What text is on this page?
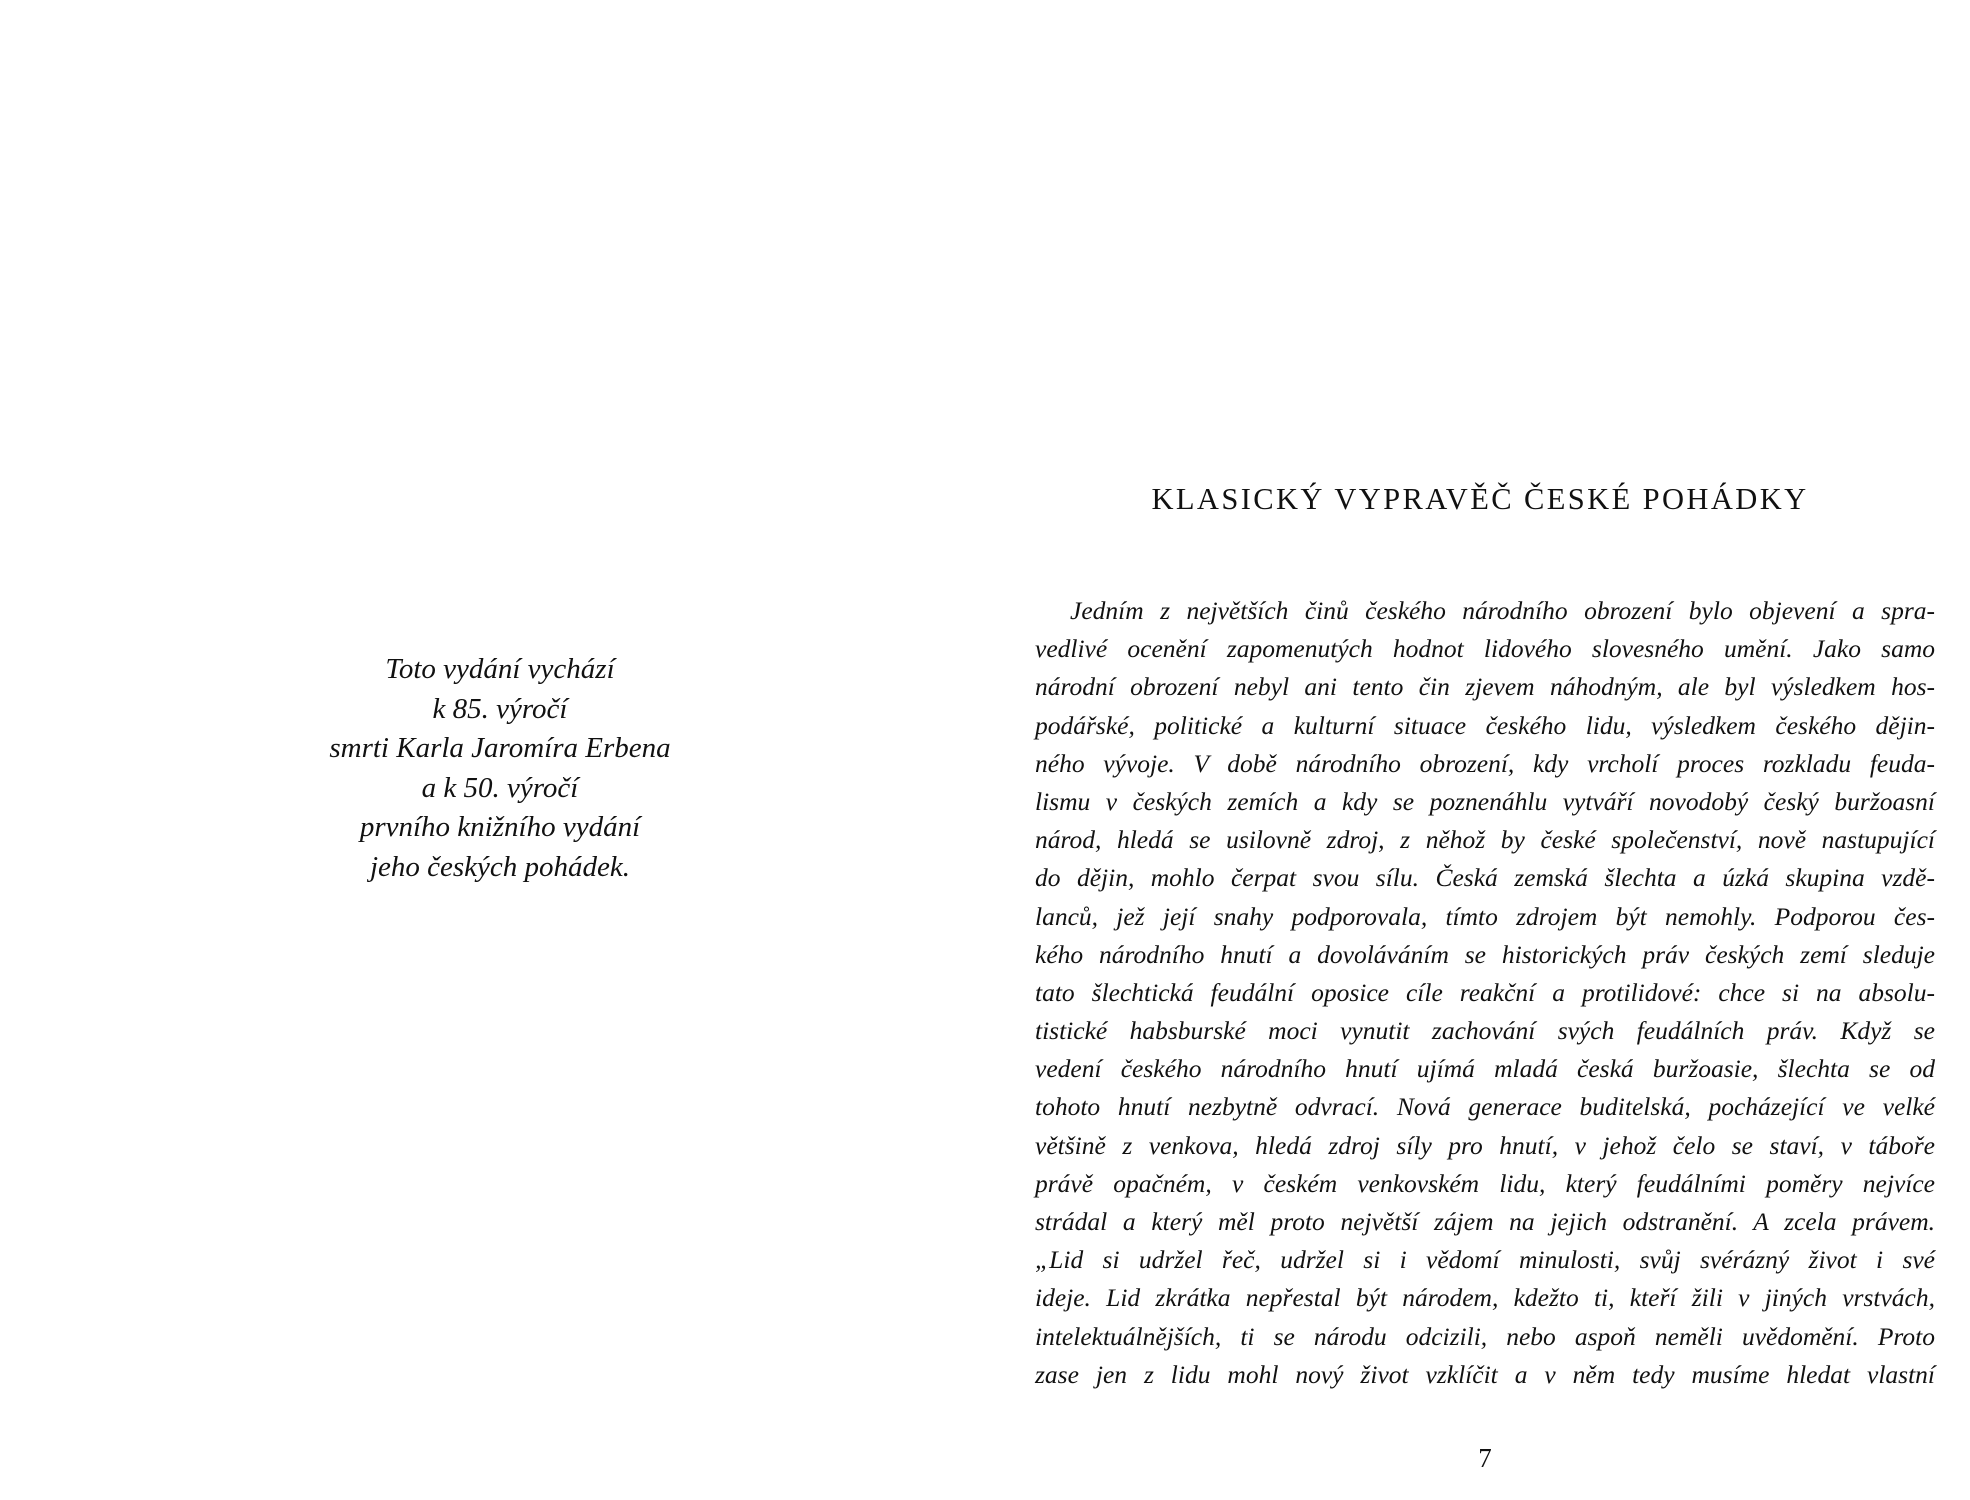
Toto vydání vychází
k 85. výročí
smrti Karla Jaromíra Erbena
a k 50. výročí
prvního knižního vydání
jeho českých pohádek.
KLASICKÝ VYPRAVĚČ ČESKÉ POHÁDKY
Jedním z největších činů českého národního obrození bylo objevení a spra-
vedlivé ocenění zapomenutých hodnot lidového slovesného umění. Jako samo
národní obrození nebyl ani tento čin zjevem náhodným, ale byl výsledkem hos-
podářské, politické a kulturní situace českého lidu, výsledkem českého dějin-
ného vývoje. V době národního obrození, kdy vrcholí proces rozkladu feuda-
lismu v českých zemích a kdy se poznenáhlu vytváří novodobý český buržoasní
národ, hledá se usilovně zdroj, z něhož by české společenství, nově nastupující
do dějin, mohlo čerpat svou sílu. Česká zemská šlechta a úzká skupina vzdě-
lanců, jež její snahy podporovala, tímto zdrojem být nemohly. Podporou čes-
kého národního hnutí a dovoláváním se historických práv českých zemí sleduje
tato šlechtická feudální oposice cíle reakční a protilidové: chce si na absolu-
tistické habsburské moci vynutit zachování svých feudálních práv. Když se
vedení českého národního hnutí ujímá mladá česká buržoasie, šlechta se od
tohoto hnutí nezbytně odvrací. Nová generace buditelská, pocházející ve velké
většině z venkova, hledá zdroj síly pro hnutí, v jehož čelo se staví, v táboře
právě opačném, v českém venkovském lidu, který feudálními poměry nejvíce
strádal a který měl proto největší zájem na jejich odstranění. A zcela právem.
„Lid si udržel řeč, udržel si i vědomí minulosti, svůj svérázný život i své
ideje. Lid zkrátka nepřestal být národem, kdežto ti, kteří žili v jiných vrstvách,
intelektuálnějších, ti se národu odcizili, nebo aspoň neměli uvědomění. Proto
zase jen z lidu mohl nový život vzklíčit a v něm tedy musíme hledat vlastní
7
